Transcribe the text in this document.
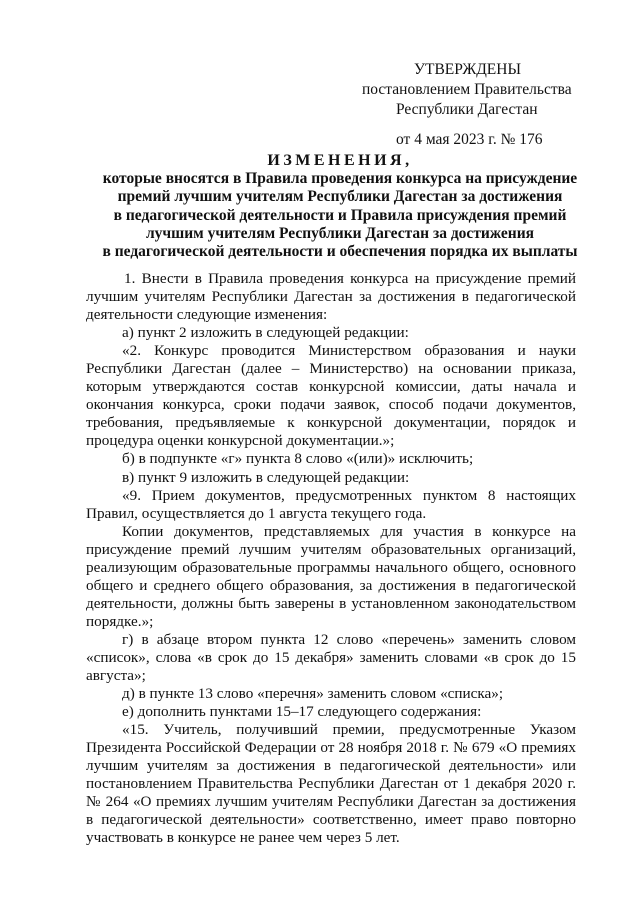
УТВЕРЖДЕНЫ
постановлением Правительства
Республики Дагестан
от 4 мая 2023 г. № 176
ИЗМЕНЕНИЯ,
которые вносятся в Правила проведения конкурса на присуждение
премий лучшим учителям Республики Дагестан за достижения
в педагогической деятельности и Правила присуждения премий
лучшим учителям Республики Дагестан за достижения
в педагогической деятельности и обеспечения порядка их выплаты

1. Внести в Правила проведения конкурса на присуждение премий лучшим учителям Республики Дагестан за достижения в педагогической деятельности следующие изменения:

а) пункт 2 изложить в следующей редакции:

«2. Конкурс проводится Министерством образования и науки Республики Дагестан (далее – Министерство) на основании приказа, которым утверждаются состав конкурсной комиссии, даты начала и окончания конкурса, сроки подачи заявок, способ подачи документов, требования, предъявляемые к конкурсной документации, порядок и процедура оценки конкурсной документации.»;

б) в подпункте «г» пункта 8 слово «(или)» исключить;

в) пункт 9 изложить в следующей редакции:

«9. Прием документов, предусмотренных пунктом 8 настоящих Правил, осуществляется до 1 августа текущего года.

Копии документов, представляемых для участия в конкурсе на присуждение премий лучшим учителям образовательных организаций, реализующим образовательные программы начального общего, основного общего и среднего общего образования, за достижения в педагогической деятельности, должны быть заверены в установленном законодательством порядке.»;

г) в абзаце втором пункта 12 слово «перечень» заменить словом «список», слова «в срок до 15 декабря» заменить словами «в срок до 15 августа»;

д) в пункте 13 слово «перечня» заменить словом «списка»;

е) дополнить пунктами 15–17 следующего содержания:

«15. Учитель, получивший премии, предусмотренные Указом Президента Российской Федерации от 28 ноября 2018 г. № 679 «О премиях лучшим учителям за достижения в педагогической деятельности» или постановлением Правительства Республики Дагестан от 1 декабря 2020 г. № 264 «О премиях лучшим учителям Республики Дагестан за достижения в педагогической деятельности» соответственно, имеет право повторно участвовать в конкурсе не ранее чем через 5 лет.
